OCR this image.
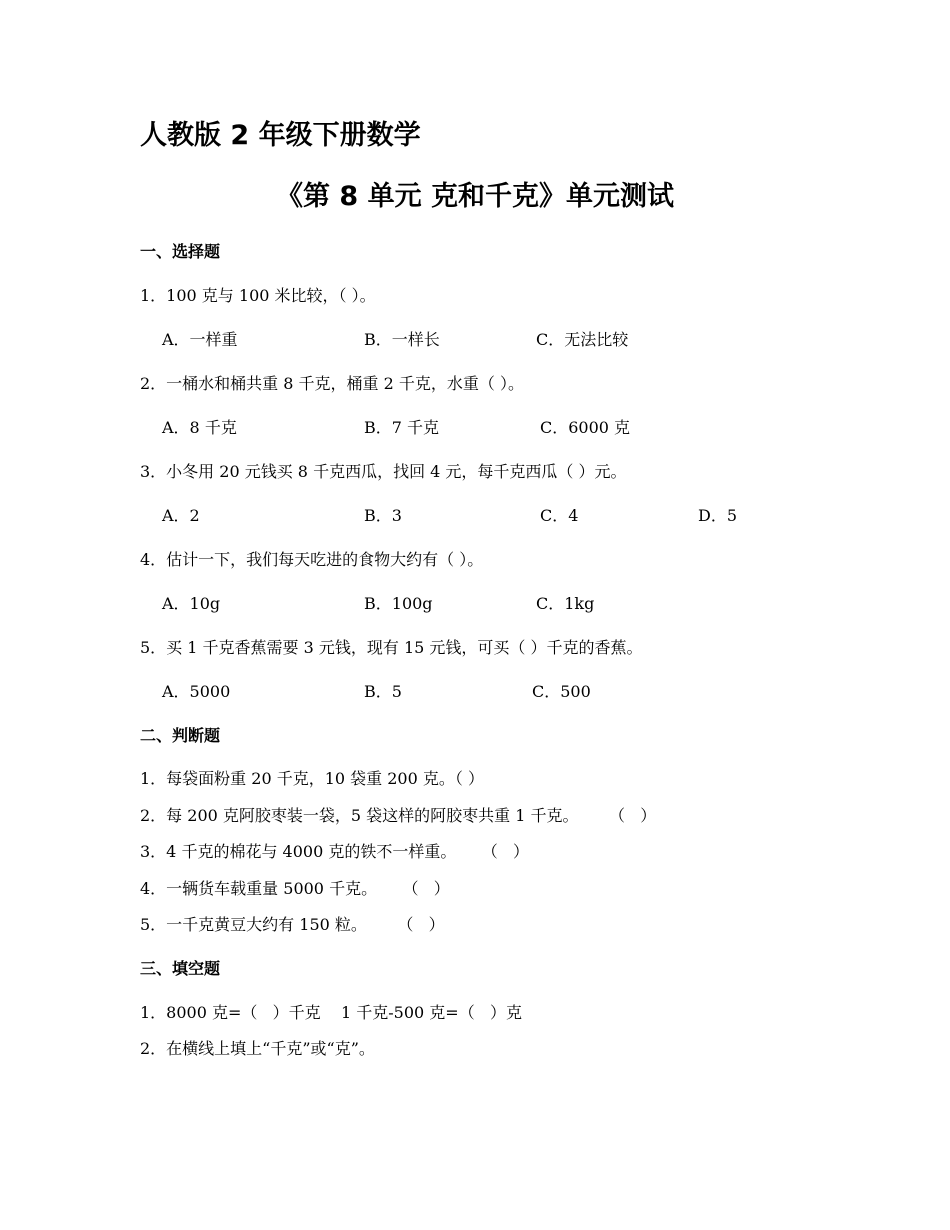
人教版 2 年级下册数学
《第 8 单元 克和千克》单元测试
一、选择题
1．100 克与 100 米比较，（ ）。
A．一样重	B．一样长	C．无法比较
2．一桶水和桶共重 8 千克，桶重 2 千克，水重（ ）。
A．8 千克	B．7 千克	C．6000 克
3．小冬用 20 元钱买 8 千克西瓜，找回 4 元，每千克西瓜（ ）元。
A．2	B．3	C．4	D．5
4．估计一下，我们每天吃进的食物大约有（ ）。
A．10g	B．100g	C．1kg
5．买 1 千克香蕉需要 3 元钱，现有 15 元钱，可买（ ）千克的香蕉。
A．5000	B．5	C．500
二、判断题
1．每袋面粉重 20 千克，10 袋重 200 克。（ ）
2．每 200 克阿胶枣装一袋，5 袋这样的阿胶枣共重 1 千克。      （   ）
3．4 千克的棉花与 4000 克的铁不一样重。     （   ）
4．一辆货车载重量 5000 千克。     （   ）
5．一千克黄豆大约有 150 粒。      （   ）
三、填空题
1．8000 克=（   ）千克    1 千克-500 克=（   ）克
2．在横线上填上“千克”或“克”。
